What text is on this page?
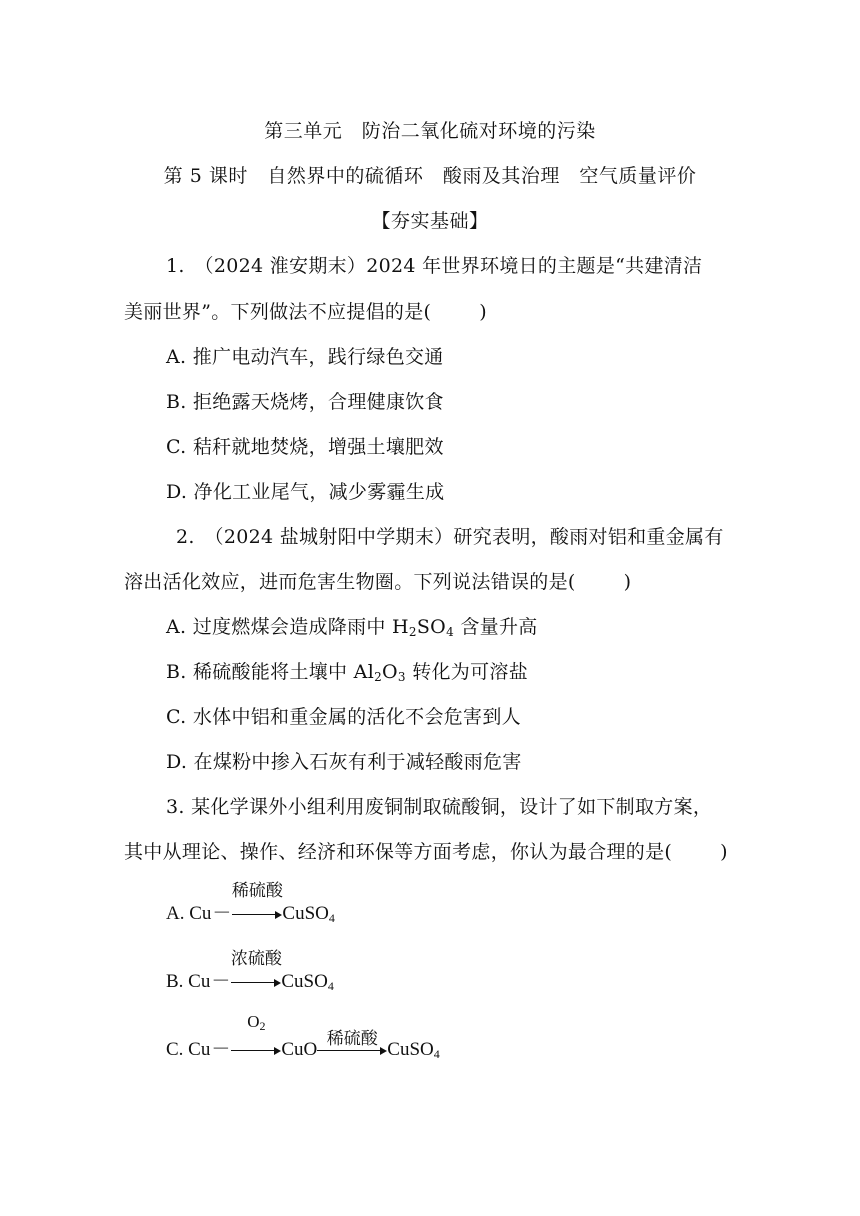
第三单元　防治二氧化硫对环境的污染
第 5 课时　自然界中的硫循环　酸雨及其治理　空气质量评价
【夯实基础】
1.　（2024 淮安期末）2024 年世界环境日的主题是“共建清洁
美丽世界”。下列做法不应提倡的是(	)
A. 推广电动汽车，践行绿色交通
B. 拒绝露天烧烤，合理健康饮食
C. 秸秆就地焚烧，增强土壤肥效
D. 净化工业尾气，减少雾霾生成
2.　（2024 盐城射阳中学期末）研究表明，酸雨对铝和重金属有
溶出活化效应，进而危害生物圈。下列说法错误的是(	)
A. 过度燃煤会造成降雨中 $H_2SO_4$ 含量升高
B. 稀硫酸能将土壤中 $Al_2O_3$ 转化为可溶盐
C. 水体中铝和重金属的活化不会危害到人
D. 在煤粉中掺入石灰有利于减轻酸雨危害
3. 某化学课外小组利用废铜制取硫酸铜，设计了如下制取方案，
其中从理论、操作、经济和环保等方面考虑，你认为最合理的是(	)
A. Cu－
稀硫酸
CuSO$_4$
B. Cu－
浓硫酸
CuSO$_4$
C. Cu－
$O_2$
CuO
稀硫酸
CuSO$_4$
